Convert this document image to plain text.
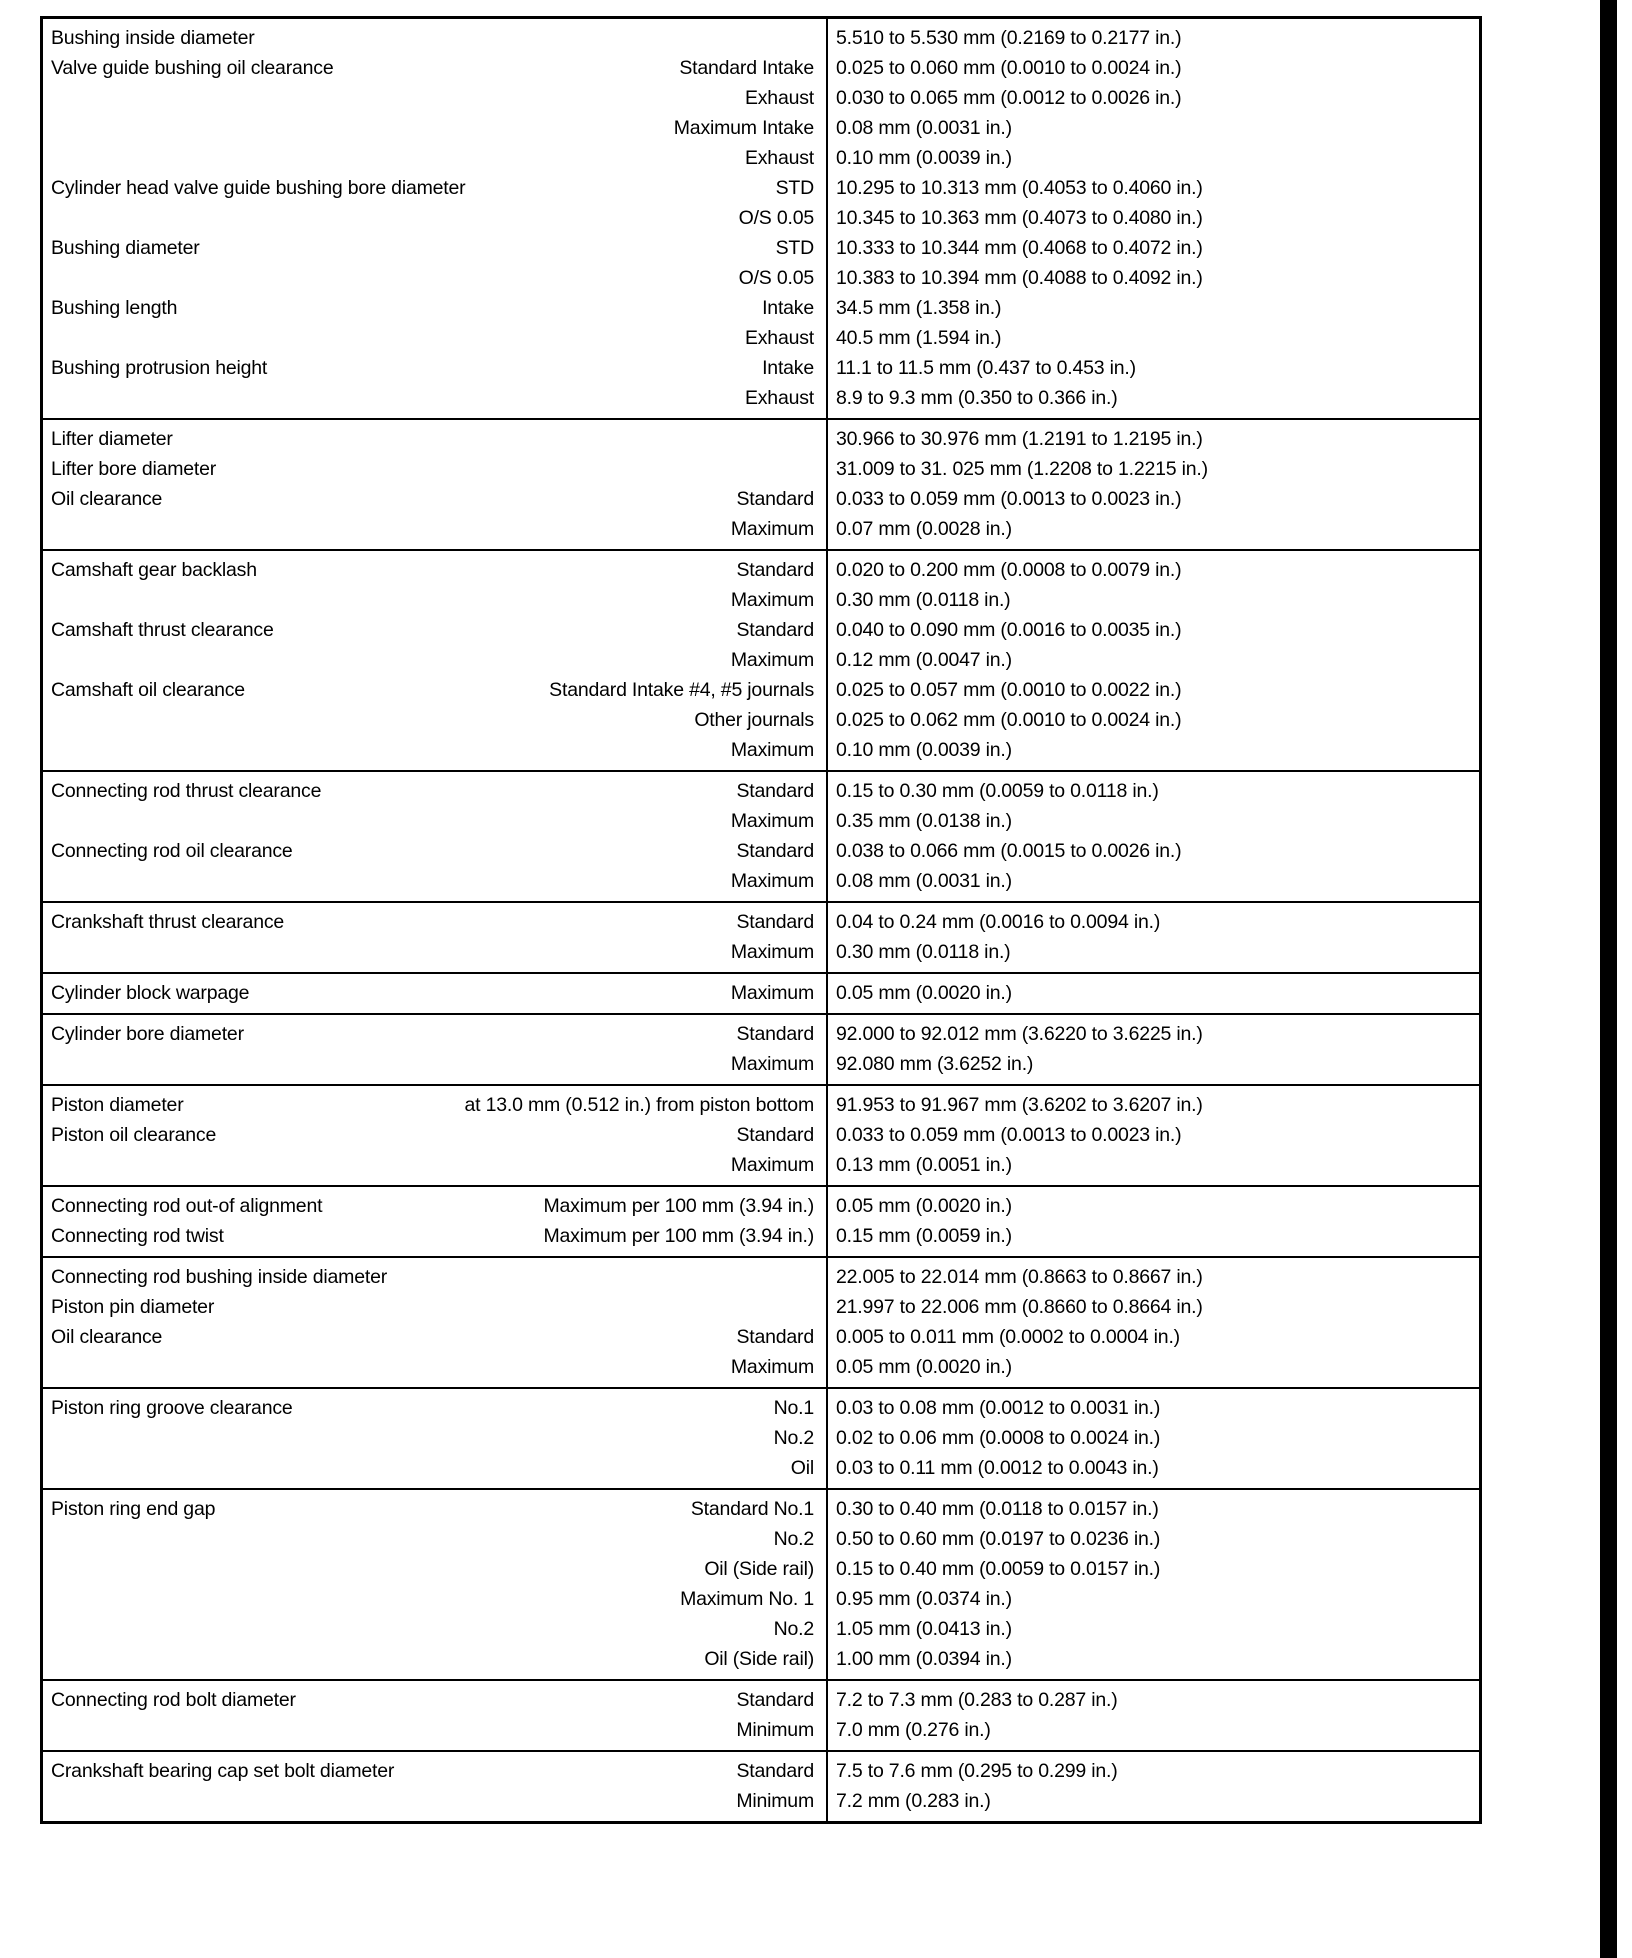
Bushing inside diameter	5.510 to 5.530 mm (0.2169 to 0.2177 in.)
Valve guide bushing oil clearance	Standard Intake	0.025 to 0.060 mm (0.0010 to 0.0024 in.)
Exhaust	0.030 to 0.065 mm (0.0012 to 0.0026 in.)
Maximum Intake	0.08 mm (0.0031 in.)
Exhaust	0.10 mm (0.0039 in.)
Cylinder head valve guide bushing bore diameter	STD	10.295 to 10.313 mm (0.4053 to 0.4060 in.)
O/S 0.05	10.345 to 10.363 mm (0.4073 to 0.4080 in.)
Bushing diameter	STD	10.333 to 10.344 mm (0.4068 to 0.4072 in.)
O/S 0.05	10.383 to 10.394 mm (0.4088 to 0.4092 in.)
Bushing length	Intake	34.5 mm (1.358 in.)
Exhaust	40.5 mm (1.594 in.)
Bushing protrusion height	Intake	11.1 to 11.5 mm (0.437 to 0.453 in.)
Exhaust	8.9 to 9.3 mm (0.350 to 0.366 in.)
Lifter diameter	30.966 to 30.976 mm (1.2191 to 1.2195 in.)
Lifter bore diameter	31.009 to 31. 025 mm (1.2208 to 1.2215 in.)
Oil clearance	Standard	0.033 to 0.059 mm (0.0013 to 0.0023 in.)
Maximum	0.07 mm (0.0028 in.)
Camshaft gear backlash	Standard	0.020 to 0.200 mm (0.0008 to 0.0079 in.)
Maximum	0.30 mm (0.0118 in.)
Camshaft thrust clearance	Standard	0.040 to 0.090 mm (0.0016 to 0.0035 in.)
Maximum	0.12 mm (0.0047 in.)
Camshaft oil clearance	Standard Intake #4, #5 journals	0.025 to 0.057 mm (0.0010 to 0.0022 in.)
Other journals	0.025 to 0.062 mm (0.0010 to 0.0024 in.)
Maximum	0.10 mm (0.0039 in.)
Connecting rod thrust clearance	Standard	0.15 to 0.30 mm (0.0059 to 0.0118 in.)
Maximum	0.35 mm (0.0138 in.)
Connecting rod oil clearance	Standard	0.038 to 0.066 mm (0.0015 to 0.0026 in.)
Maximum	0.08 mm (0.0031 in.)
Crankshaft thrust clearance	Standard	0.04 to 0.24 mm (0.0016 to 0.0094 in.)
Maximum	0.30 mm (0.0118 in.)
Cylinder block warpage	Maximum	0.05 mm (0.0020 in.)
Cylinder bore diameter	Standard	92.000 to 92.012 mm (3.6220 to 3.6225 in.)
Maximum	92.080 mm (3.6252 in.)
Piston diameter	at 13.0 mm (0.512 in.) from piston bottom	91.953 to 91.967 mm (3.6202 to 3.6207 in.)
Piston oil clearance	Standard	0.033 to 0.059 mm (0.0013 to 0.0023 in.)
Maximum	0.13 mm (0.0051 in.)
Connecting rod out-of alignment	Maximum per 100 mm (3.94 in.)	0.05 mm (0.0020 in.)
Connecting rod twist	Maximum per 100 mm (3.94 in.)	0.15 mm (0.0059 in.)
Connecting rod bushing inside diameter	22.005 to 22.014 mm (0.8663 to 0.8667 in.)
Piston pin diameter	21.997 to 22.006 mm (0.8660 to 0.8664 in.)
Oil clearance	Standard	0.005 to 0.011 mm (0.0002 to 0.0004 in.)
Maximum	0.05 mm (0.0020 in.)
Piston ring groove clearance	No.1	0.03 to 0.08 mm (0.0012 to 0.0031 in.)
No.2	0.02 to 0.06 mm (0.0008 to 0.0024 in.)
Oil	0.03 to 0.11 mm (0.0012 to 0.0043 in.)
Piston ring end gap	Standard No.1	0.30 to 0.40 mm (0.0118 to 0.0157 in.)
No.2	0.50 to 0.60 mm (0.0197 to 0.0236 in.)
Oil (Side rail)	0.15 to 0.40 mm (0.0059 to 0.0157 in.)
Maximum No. 1	0.95 mm (0.0374 in.)
No.2	1.05 mm (0.0413 in.)
Oil (Side rail)	1.00 mm (0.0394 in.)
Connecting rod bolt diameter	Standard	7.2 to 7.3 mm (0.283 to 0.287 in.)
Minimum	7.0 mm (0.276 in.)
Crankshaft bearing cap set bolt diameter	Standard	7.5 to 7.6 mm (0.295 to 0.299 in.)
Minimum	7.2 mm (0.283 in.)
